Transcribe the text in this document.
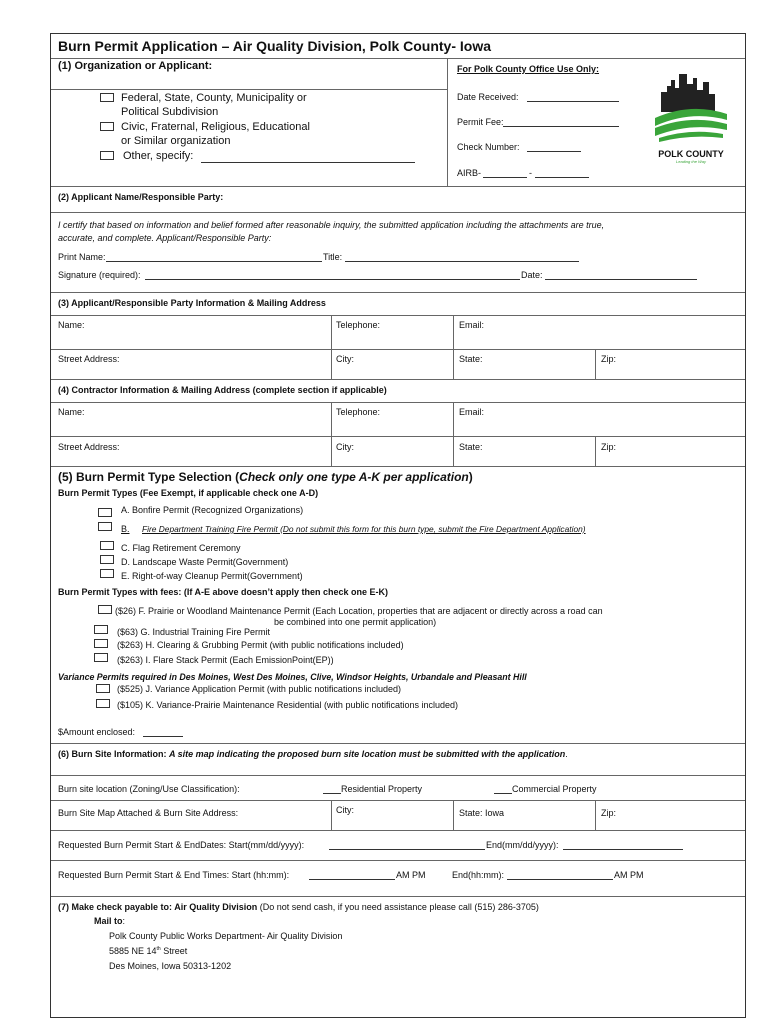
Burn Permit Application – Air Quality Division, Polk County- Iowa
(1) Organization or Applicant:
Federal, State, County, Municipality or
Political Subdivision
Civic, Fraternal, Religious, Educational
or Similar organization
Other, specify:
For Polk County Office Use Only:
Date Received:
Permit Fee:
Check Number:
AIRB-	-
POLK COUNTY
Leading the Way
(2) Applicant Name/Responsible Party:
I certify that based on information and belief formed after reasonable inquiry, the submitted application including the attachments are true,
accurate, and complete. Applicant/Responsible Party:
Print Name:	Title:
Signature (required):	Date:
(3) Applicant/Responsible Party Information & Mailing Address
Name:	Telephone:	Email:
Street Address:	City:	State:	Zip:
(4) Contractor Information & Mailing Address (complete section if applicable)
Name:	Telephone:	Email:
Street Address:	City:	State:	Zip:
(5) Burn Permit Type Selection (Check only one type A-K per application)
Burn Permit Types (Fee Exempt, if applicable check one A-D)
A. Bonfire Permit (Recognized Organizations)
B. Fire Department Training Fire Permit (Do not submit this form for this burn type, submit the Fire Department Application)
C. Flag Retirement Ceremony
D. Landscape Waste Permit(Government)
E. Right-of-way Cleanup Permit(Government)
Burn Permit Types with fees: (If A-E above doesn’t apply then check one E-K)
($26) F. Prairie or Woodland Maintenance Permit (Each Location, properties that are adjacent or directly across a road can
be combined into one permit application)
($63) G. Industrial Training Fire Permit
($263) H. Clearing & Grubbing Permit (with public notifications included)
($263) I. Flare Stack Permit (Each EmissionPoint(EP))
Variance Permits required in Des Moines, West Des Moines, Clive, Windsor Heights, Urbandale and Pleasant Hill
($525) J. Variance Application Permit (with public notifications included)
($105) K. Variance-Prairie Maintenance Residential (with public notifications included)
$Amount enclosed:
(6) Burn Site Information: A site map indicating the proposed burn site location must be submitted with the application.
Burn site location (Zoning/Use Classification):	Residential Property	Commercial Property
Burn Site Map Attached & Burn Site Address:	City:	State: Iowa	Zip:
Requested Burn Permit Start & EndDates: Start(mm/dd/yyyy):	End(mm/dd/yyyy):
Requested Burn Permit Start & End Times: Start (hh:mm):	AM PM	End(hh:mm):	AM PM
(7) Make check payable to: Air Quality Division (Do not send cash, if you need assistance please call (515) 286-3705)
Mail to:
Polk County Public Works Department- Air Quality Division
5885 NE 14th Street
Des Moines, Iowa 50313-1202
